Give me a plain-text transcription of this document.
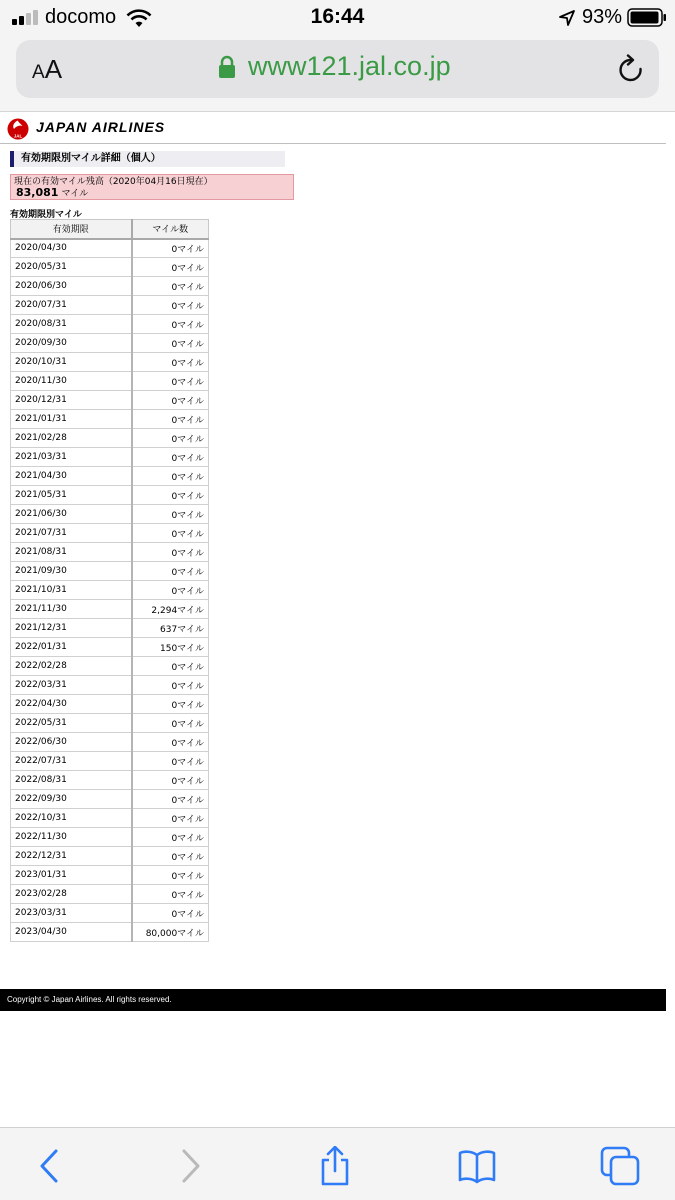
docomo	16:44	93%
AA	www121.jal.co.jp
JAL
JAPAN AIRLINES
有効期限別マイル詳細（個人）
現在の有効マイル残高（2020年04月16日現在）
83,081 マイル
有効期限別マイル
有効期限	マイル数
2020/04/30	0マイル
2020/05/31	0マイル
2020/06/30	0マイル
2020/07/31	0マイル
2020/08/31	0マイル
2020/09/30	0マイル
2020/10/31	0マイル
2020/11/30	0マイル
2020/12/31	0マイル
2021/01/31	0マイル
2021/02/28	0マイル
2021/03/31	0マイル
2021/04/30	0マイル
2021/05/31	0マイル
2021/06/30	0マイル
2021/07/31	0マイル
2021/08/31	0マイル
2021/09/30	0マイル
2021/10/31	0マイル
2021/11/30	2,294マイル
2021/12/31	637マイル
2022/01/31	150マイル
2022/02/28	0マイル
2022/03/31	0マイル
2022/04/30	0マイル
2022/05/31	0マイル
2022/06/30	0マイル
2022/07/31	0マイル
2022/08/31	0マイル
2022/09/30	0マイル
2022/10/31	0マイル
2022/11/30	0マイル
2022/12/31	0マイル
2023/01/31	0マイル
2023/02/28	0マイル
2023/03/31	0マイル
2023/04/30	80,000マイル
Copyright © Japan Airlines. All rights reserved.
